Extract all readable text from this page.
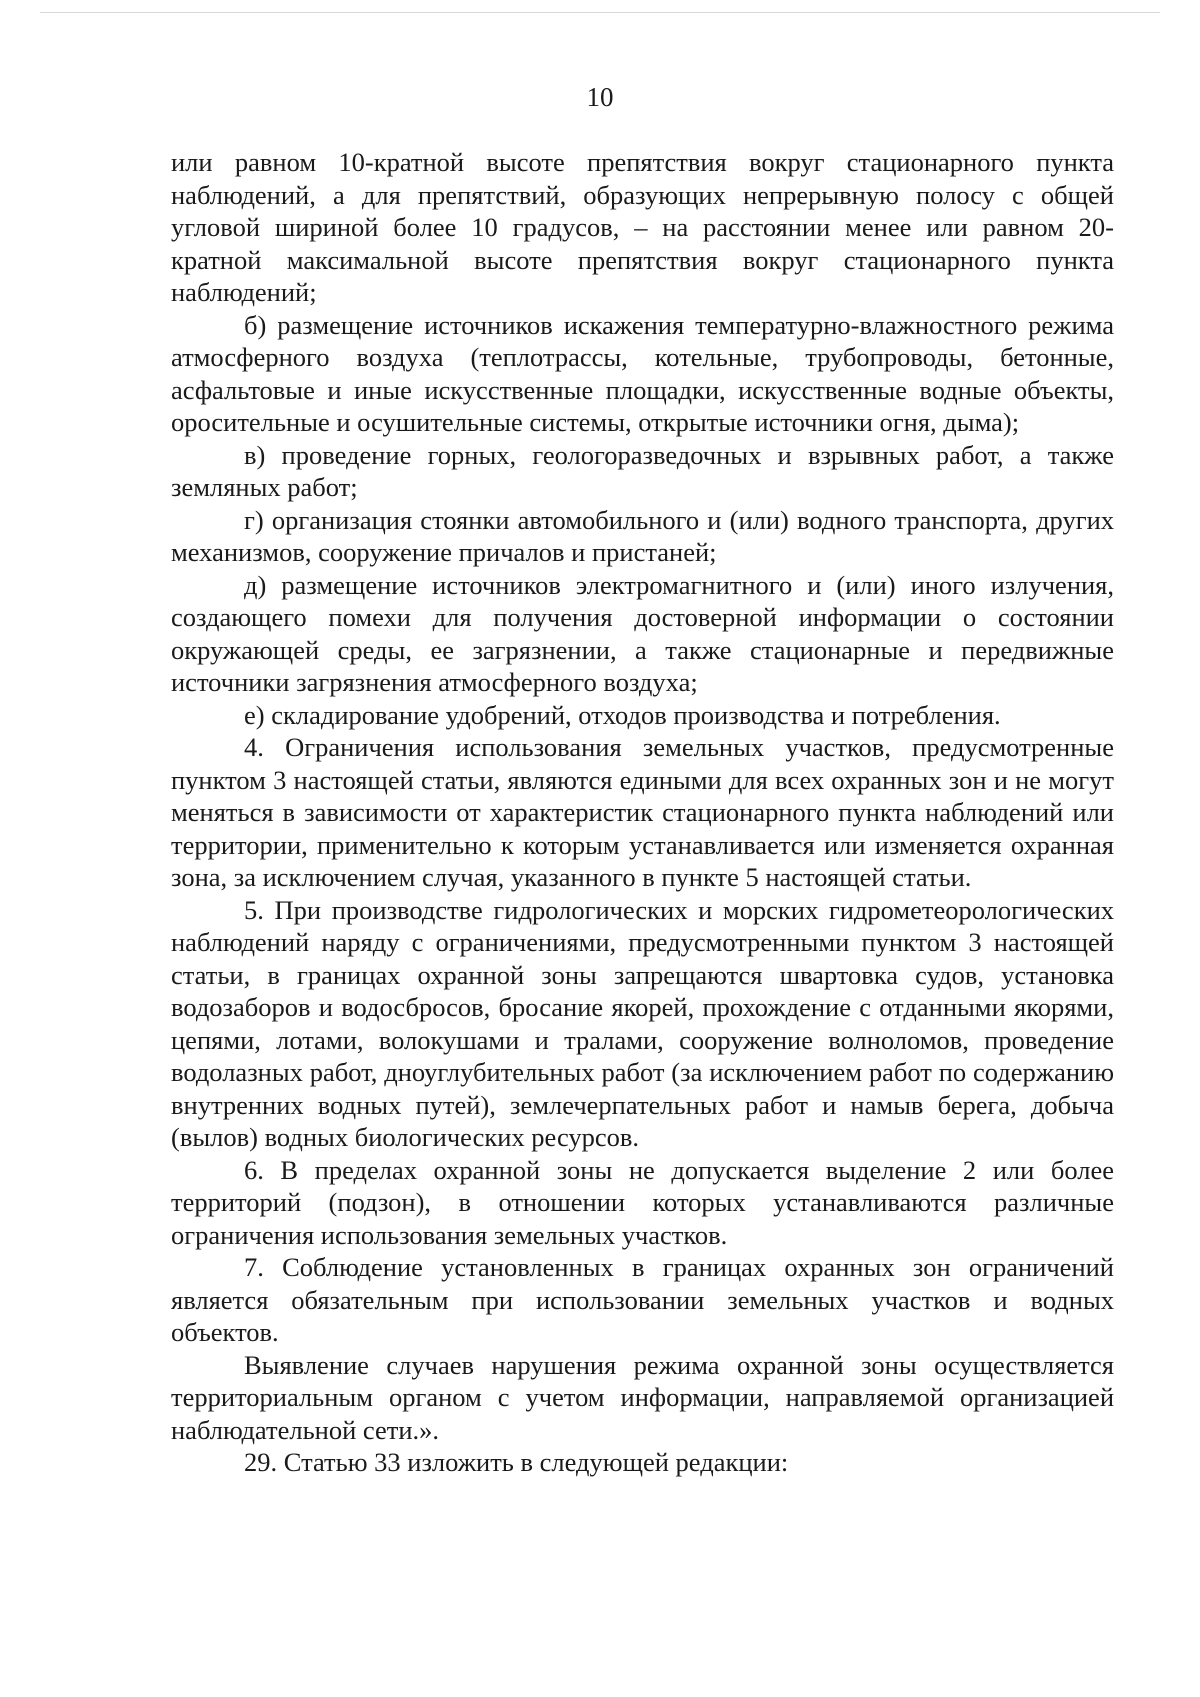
10

или равном 10-кратной высоте препятствия вокруг стационарного пункта наблюдений, а для препятствий, образующих непрерывную полосу с общей угловой шириной более 10 градусов, – на расстоянии менее или равном 20-кратной максимальной высоте препятствия вокруг стационарного пункта наблюдений;

б) размещение источников искажения температурно-влажностного режима атмосферного воздуха (теплотрассы, котельные, трубопроводы, бетонные, асфальтовые и иные искусственные площадки, искусственные водные объекты, оросительные и осушительные системы, открытые источники огня, дыма);

в) проведение горных, геологоразведочных и взрывных работ, а также земляных работ;

г) организация стоянки автомобильного и (или) водного транспорта, других механизмов, сооружение причалов и пристаней;

д) размещение источников электромагнитного и (или) иного излучения, создающего помехи для получения достоверной информации о состоянии окружающей среды, ее загрязнении, а также стационарные и передвижные источники загрязнения атмосферного воздуха;

е) складирование удобрений, отходов производства и потребления.

4. Ограничения использования земельных участков, предусмотренные пунктом 3 настоящей статьи, являются едиными для всех охранных зон и не могут меняться в зависимости от характеристик стационарного пункта наблюдений или территории, применительно к которым устанавливается или изменяется охранная зона, за исключением случая, указанного в пункте 5 настоящей статьи.

5. При производстве гидрологических и морских гидрометеорологических наблюдений наряду с ограничениями, предусмотренными пунктом 3 настоящей статьи, в границах охранной зоны запрещаются швартовка судов, установка водозаборов и водосбросов, бросание якорей, прохождение с отданными якорями, цепями, лотами, волокушами и тралами, сооружение волноломов, проведение водолазных работ, дноуглубительных работ (за исключением работ по содержанию внутренних водных путей), землечерпательных работ и намыв берега, добыча (вылов) водных биологических ресурсов.

6. В пределах охранной зоны не допускается выделение 2 или более территорий (подзон), в отношении которых устанавливаются различные ограничения использования земельных участков.

7. Соблюдение установленных в границах охранных зон ограничений является обязательным при использовании земельных участков и водных объектов.

Выявление случаев нарушения режима охранной зоны осуществляется территориальным органом с учетом информации, направляемой организацией наблюдательной сети.».

29. Статью 33 изложить в следующей редакции:
